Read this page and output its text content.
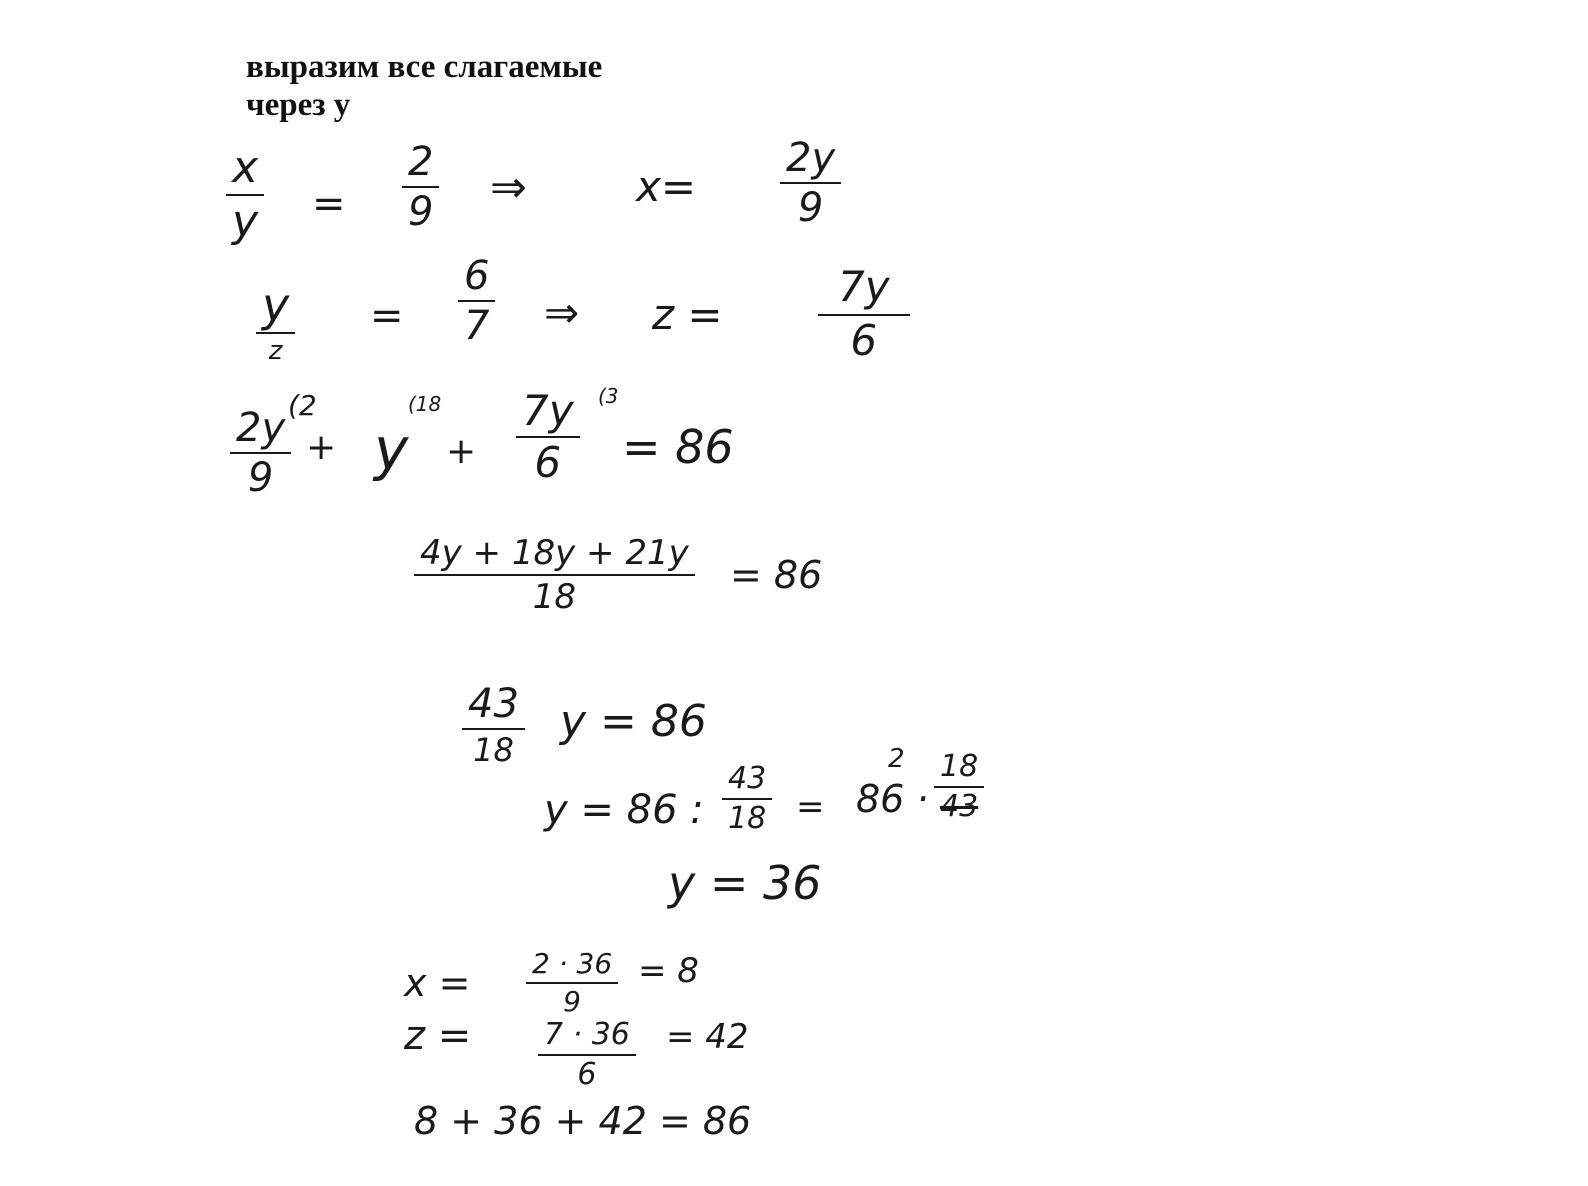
выразим все слагаемые
через у
x
y =
2
9 ⇒	x=
2y
9
y
z
=
6
7 ⇒ z =
7y
6
2y
9
(2
+ y
(18
+
7y
6
(3
= 86
4y + 18y + 21y
18	= 86
43
18
y = 86
y = 86 :
43
18 = 86 ·
2 18
43
y = 36
x = 2 · 36
9
= 8
z = 7 · 36
6
= 42
8 + 36 + 42 = 86
